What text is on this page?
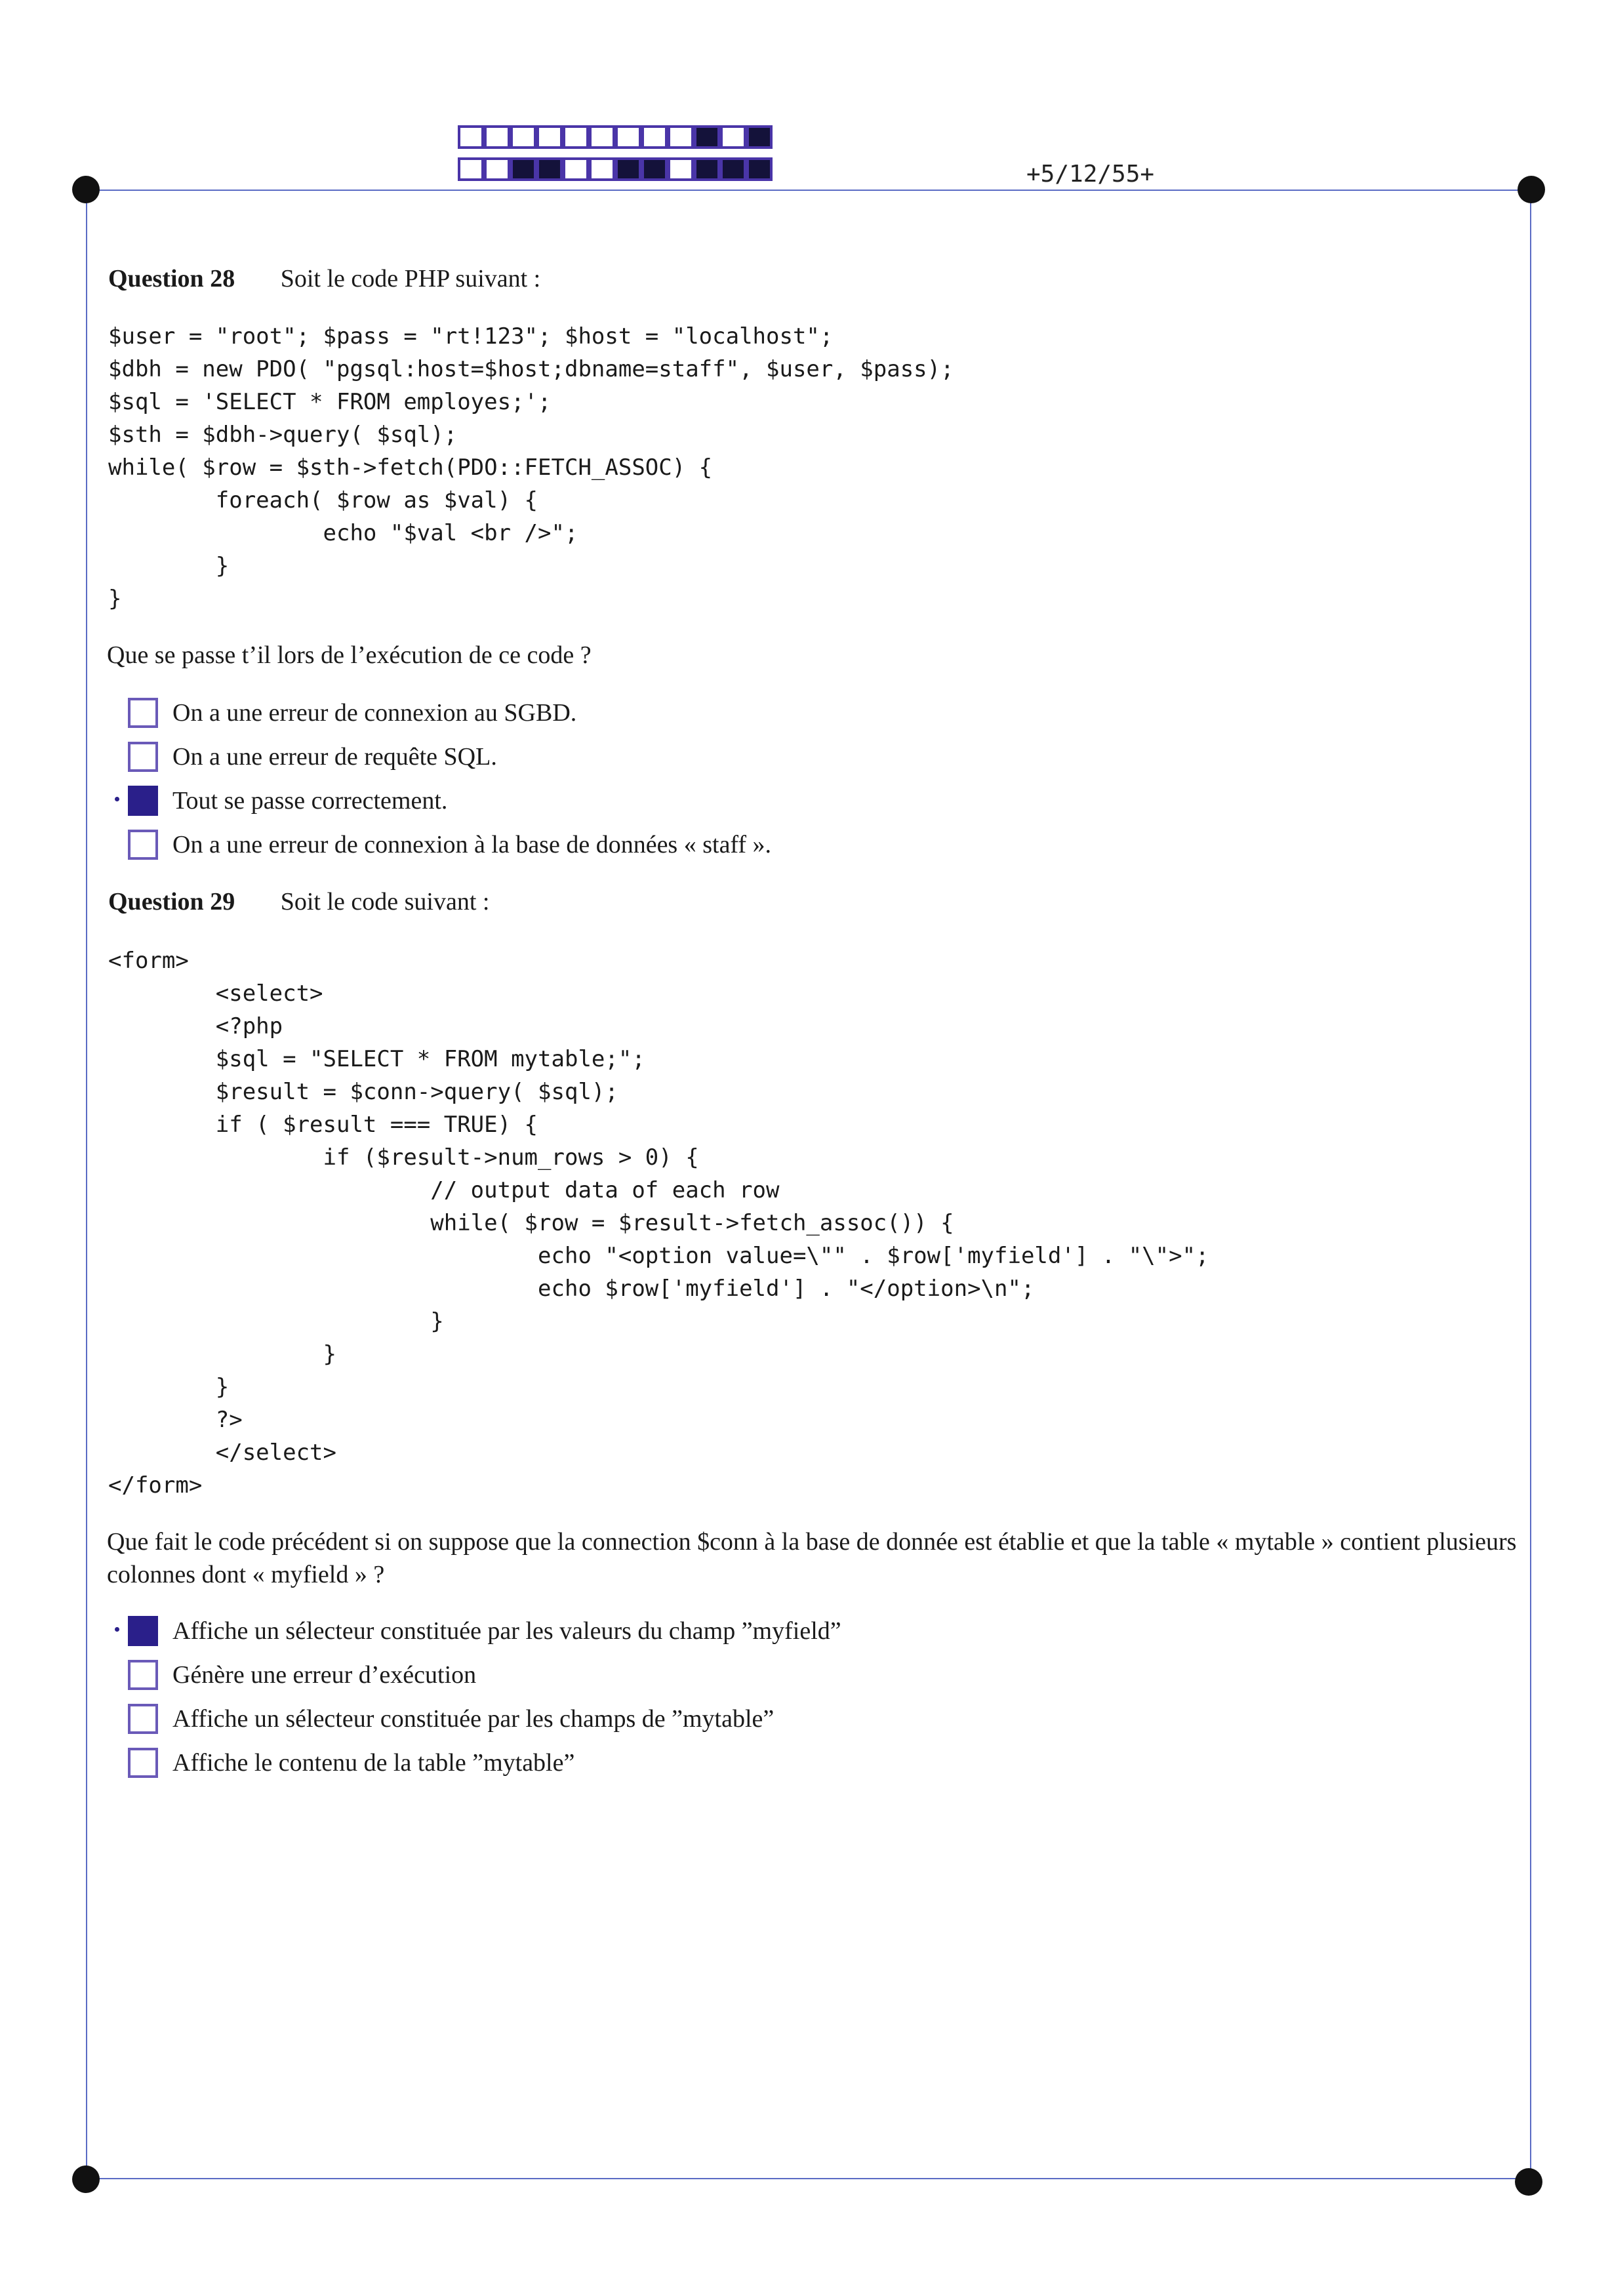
+5/12/55+
Question 28 Soit le code PHP suivant :
$user = "root"; $pass = "rt!123"; $host = "localhost";
$dbh = new PDO( "pgsql:host=$host;dbname=staff", $user, $pass);
$sql = 'SELECT * FROM employes;';
$sth = $dbh->query( $sql);
while( $row = $sth->fetch(PDO::FETCH_ASSOC) {
foreach( $row as $val) {
echo "$val <br />";
}
}
Que se passe t’il lors de l’exécution de ce code ?
On a une erreur de connexion au SGBD.
On a une erreur de requête SQL.
Tout se passe correctement.
On a une erreur de connexion à la base de données « staff ».
Question 29 Soit le code suivant :
<form>
<select>
<?php
$sql = "SELECT * FROM mytable;";
$result = $conn->query( $sql);
if ( $result === TRUE) {
if ($result->num_rows > 0) {
// output data of each row
while( $row = $result->fetch_assoc()) {
echo "<option value=\"" . $row['myfield'] . "\">";
echo $row['myfield'] . "</option>\n";
}
}
}
?>
</select>
</form>
Que fait le code précédent si on suppose que la connection $conn à la base de donnée est établie et que la table « mytable » contient plusieurs colonnes dont « myfield » ?
Affiche un sélecteur constituée par les valeurs du champ ”myfield”
Génère une erreur d’exécution
Affiche un sélecteur constituée par les champs de ”mytable”
Affiche le contenu de la table ”mytable”
